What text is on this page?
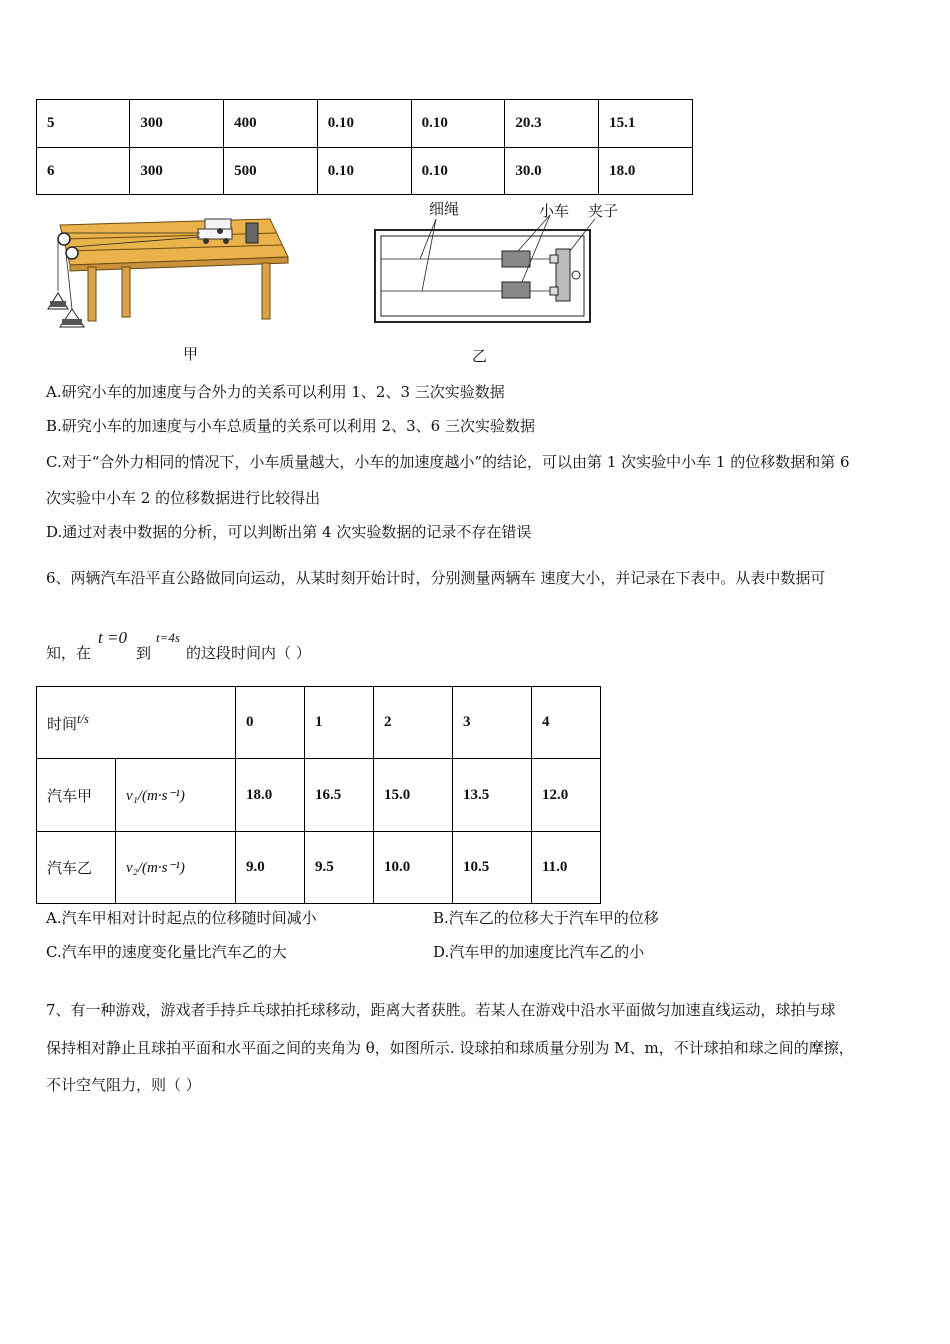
5	300	400	0.10	0.10	20.3	15.1
6	300	500	0.10	0.10	30.0	18.0
甲
细绳	小车 夹子
乙
A.研究小车的加速度与合外力的关系可以利用 1、2、3 三次实验数据
B.研究小车的加速度与小车总质量的关系可以利用 2、3、6 三次实验数据
C.对于“合外力相同的情况下，小车质量越大，小车的加速度越小”的结论，可以由第 1 次实验中小车 1 的位移数据和第 6
次实验中小车 2 的位移数据进行比较得出
D.通过对表中数据的分析，可以判断出第 4 次实验数据的记录不存在错误
6、两辆汽车沿平直公路做同向运动，从某时刻开始计时，分别测量两辆车 速度大小，并记录在下表中。从表中数据可
知，在
t =0
到
t=4s
的这段时间内（ ）
时间$^{t/s}$		0	1	2	3	4
汽车甲	v₁/(m·s⁻¹)	18.0	16.5	15.0	13.5	12.0
汽车乙	v₂/(m·s⁻¹)	9.0	9.5	10.0	10.5	11.0
A.汽车甲相对计时起点的位移随时间减小	B.汽车乙的位移大于汽车甲的位移
C.汽车甲的速度变化量比汽车乙的大	D.汽车甲的加速度比汽车乙的小
7、有一种游戏，游戏者手持乒乓球拍托球移动，距离大者获胜。若某人在游戏中沿水平面做匀加速直线运动，球拍与球
保持相对静止且球拍平面和水平面之间的夹角为 θ，如图所示. 设球拍和球质量分别为 M、m，不计球拍和球之间的摩擦，
不计空气阻力，则（ ）
